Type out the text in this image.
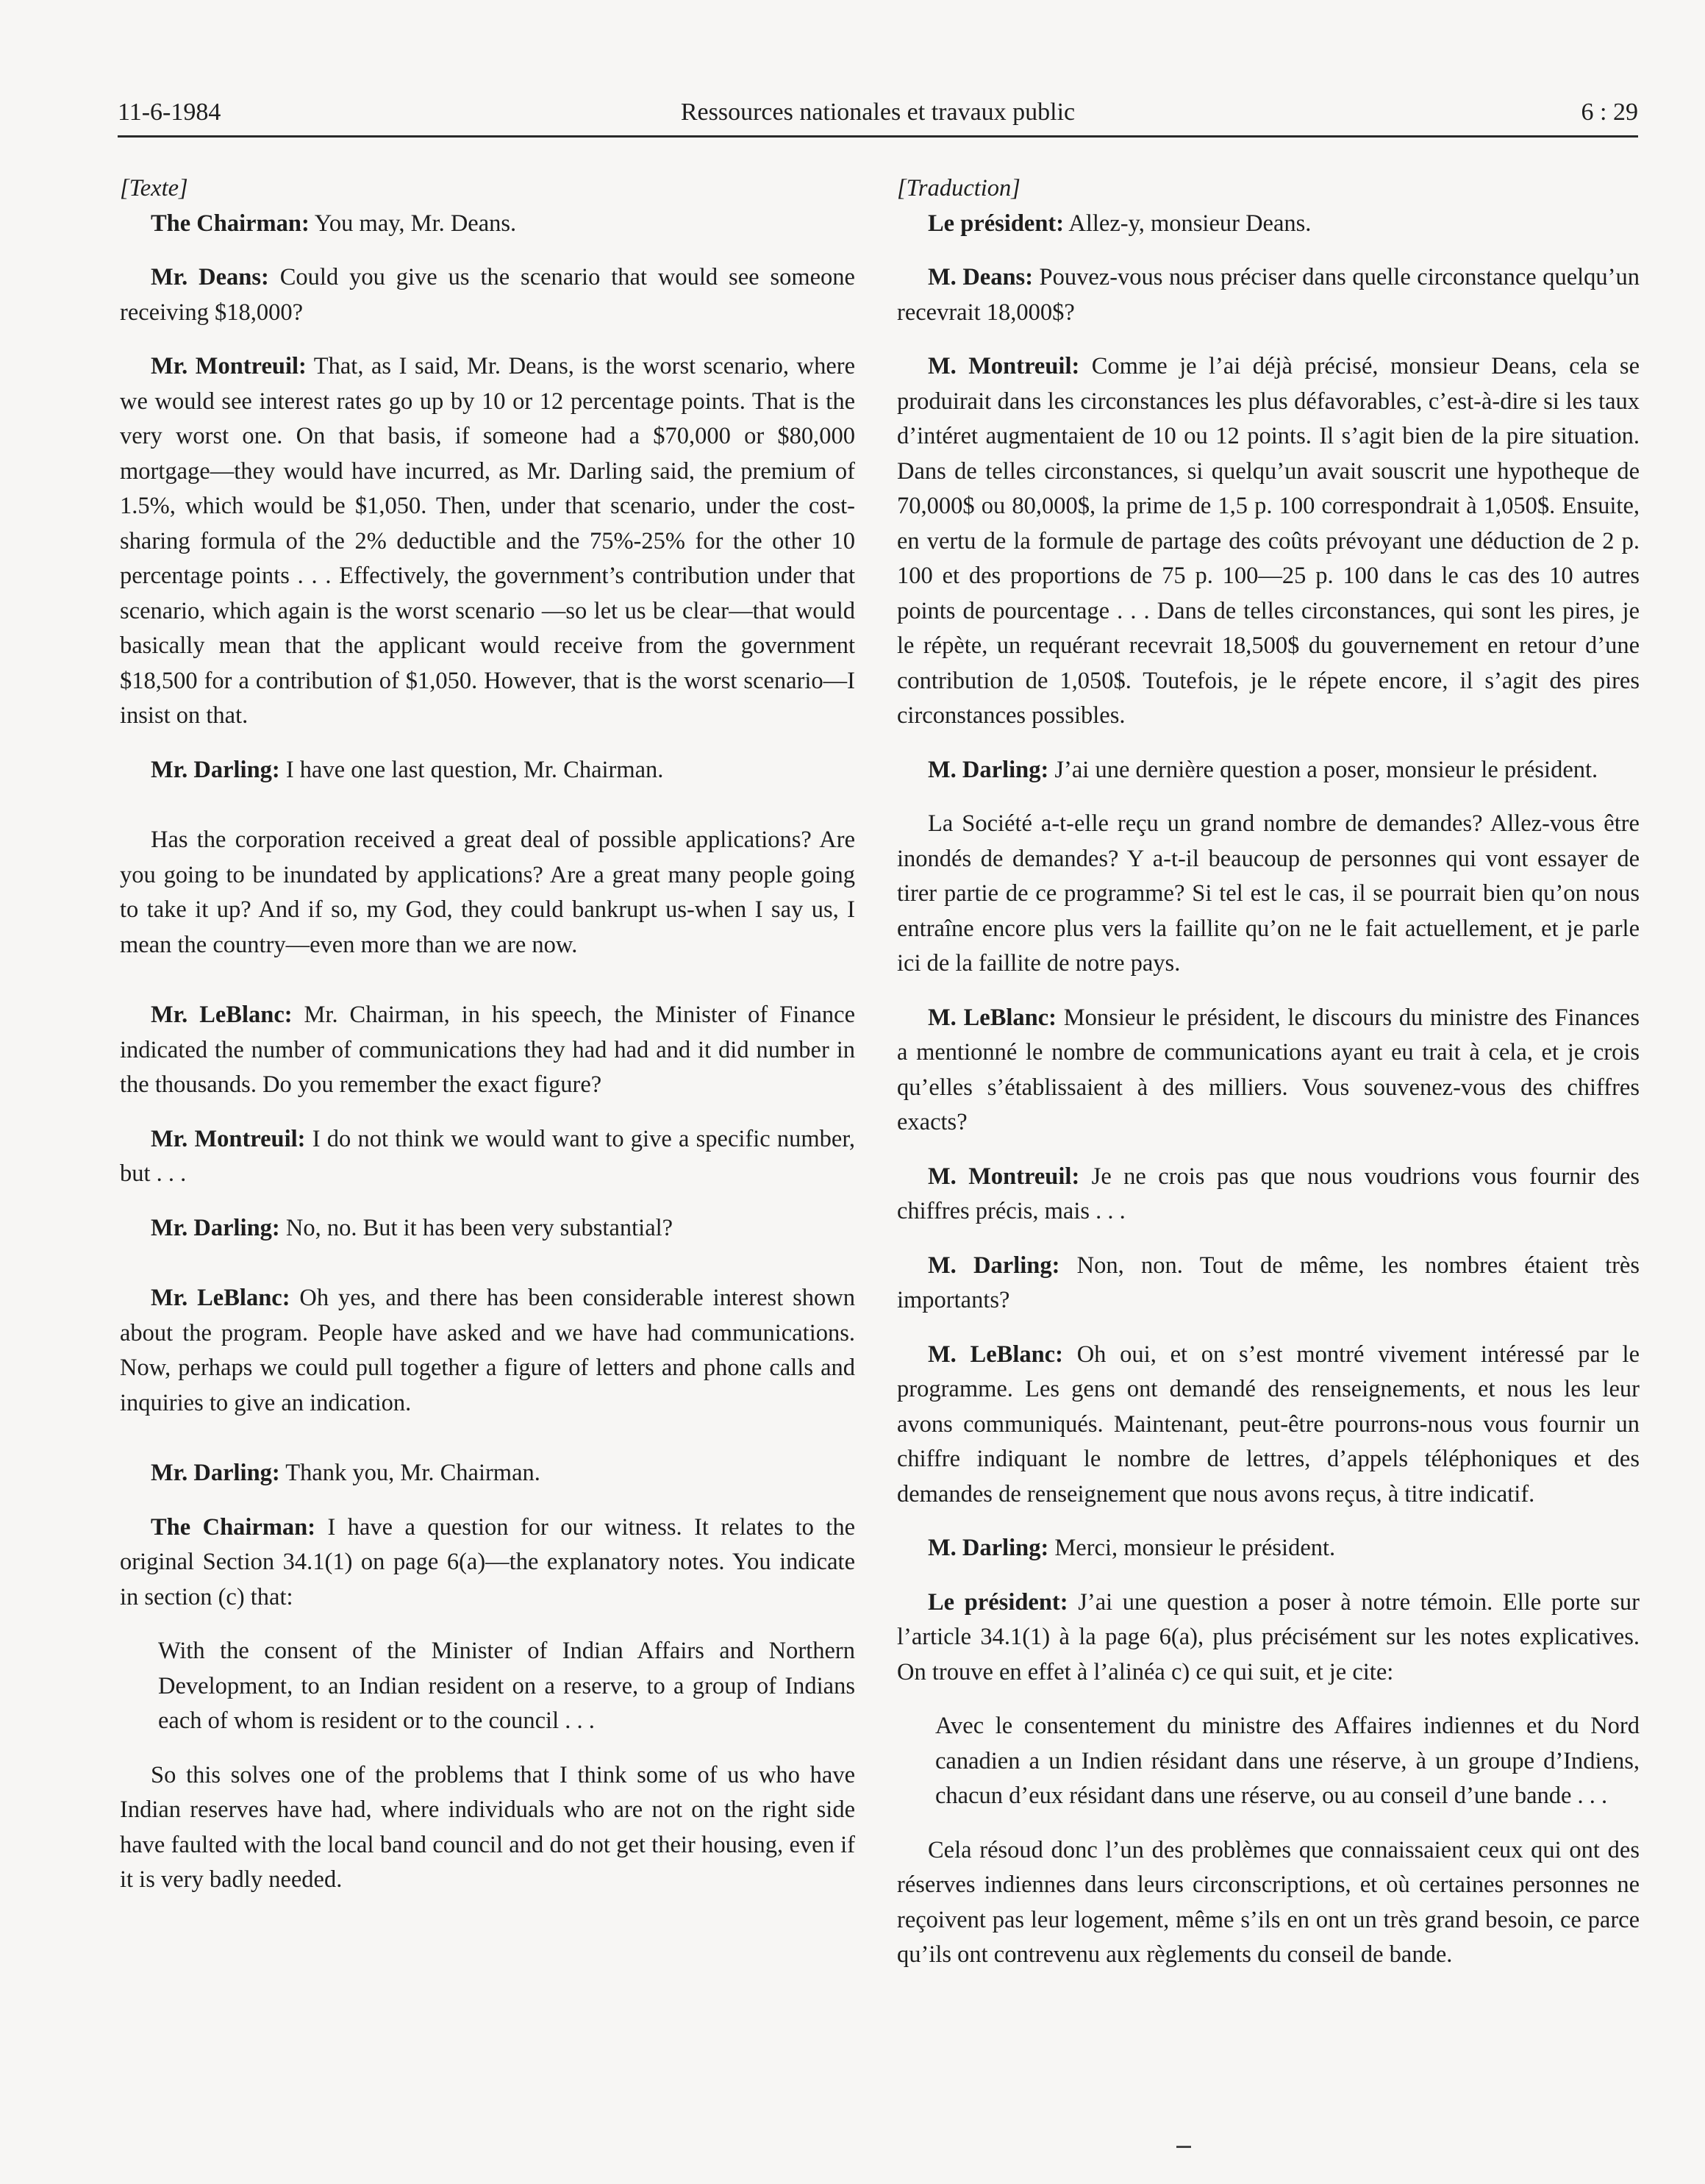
11-6-1984	Ressources nationales et travaux public	6 : 29

[Texte]

The Chairman: You may, Mr. Deans.

Mr. Deans: Could you give us the scenario that would see someone receiving $18,000?

Mr. Montreuil: That, as I said, Mr. Deans, is the worst scenario, where we would see interest rates go up by 10 or 12 percentage points. That is the very worst one. On that basis, if someone had a $70,000 or $80,000 mortgage—they would have incurred, as Mr. Darling said, the premium of 1.5%, which would be $1,050. Then, under that scenario, under the cost-sharing formula of the 2% deductible and the 75%-25% for the other 10 percentage points . . . Effectively, the government’s contribution under that scenario, which again is the worst scenario —so let us be clear—that would basically mean that the applicant would receive from the government $18,500 for a contribution of $1,050. However, that is the worst scenario—I insist on that.

Mr. Darling: I have one last question, Mr. Chairman.

Has the corporation received a great deal of possible applications? Are you going to be inundated by applications? Are a great many people going to take it up? And if so, my God, they could bankrupt us-when I say us, I mean the country—even more than we are now.

Mr. LeBlanc: Mr. Chairman, in his speech, the Minister of Finance indicated the number of communications they had had and it did number in the thousands. Do you remember the exact figure?

Mr. Montreuil: I do not think we would want to give a specific number, but . . .

Mr. Darling: No, no. But it has been very substantial?

Mr. LeBlanc: Oh yes, and there has been considerable interest shown about the program. People have asked and we have had communications. Now, perhaps we could pull together a figure of letters and phone calls and inquiries to give an indication.

Mr. Darling: Thank you, Mr. Chairman.

The Chairman: I have a question for our witness. It relates to the original Section 34.1(1) on page 6(a)—the explanatory notes. You indicate in section (c) that:

With the consent of the Minister of Indian Affairs and Northern Development, to an Indian resident on a reserve, to a group of Indians each of whom is resident or to the council . . .

So this solves one of the problems that I think some of us who have Indian reserves have had, where individuals who are not on the right side have faulted with the local band council and do not get their housing, even if it is very badly needed.

[Traduction]

Le président: Allez-y, monsieur Deans.

M. Deans: Pouvez-vous nous préciser dans quelle circonstance quelqu’un recevrait 18,000$?

M. Montreuil: Comme je l’ai déjà précisé, monsieur Deans, cela se produirait dans les circonstances les plus défavorables, c’est-à-dire si les taux d’intéret augmentaient de 10 ou 12 points. Il s’agit bien de la pire situation. Dans de telles circonstances, si quelqu’un avait souscrit une hypotheque de 70,000$ ou 80,000$, la prime de 1,5 p. 100 correspondrait à 1,050$. Ensuite, en vertu de la formule de partage des coûts prévoyant une déduction de 2 p. 100 et des proportions de 75 p. 100—25 p. 100 dans le cas des 10 autres points de pourcentage . . . Dans de telles circonstances, qui sont les pires, je le répète, un requérant recevrait 18,500$ du gouvernement en retour d’une contribution de 1,050$. Toutefois, je le répete encore, il s’agit des pires circonstances possibles.

M. Darling: J’ai une dernière question a poser, monsieur le président.

La Société a-t-elle reçu un grand nombre de demandes? Allez-vous être inondés de demandes? Y a-t-il beaucoup de personnes qui vont essayer de tirer partie de ce programme? Si tel est le cas, il se pourrait bien qu’on nous entraîne encore plus vers la faillite qu’on ne le fait actuellement, et je parle ici de la faillite de notre pays.

M. LeBlanc: Monsieur le président, le discours du ministre des Finances a mentionné le nombre de communications ayant eu trait à cela, et je crois qu’elles s’établissaient à des milliers. Vous souvenez-vous des chiffres exacts?

M. Montreuil: Je ne crois pas que nous voudrions vous fournir des chiffres précis, mais . . .

M. Darling: Non, non. Tout de même, les nombres étaient très importants?

M. LeBlanc: Oh oui, et on s’est montré vivement intéressé par le programme. Les gens ont demandé des renseignements, et nous les leur avons communiqués. Maintenant, peut-être pourrons-nous vous fournir un chiffre indiquant le nombre de lettres, d’appels téléphoniques et des demandes de renseignement que nous avons reçus, à titre indicatif.

M. Darling: Merci, monsieur le président.

Le président: J’ai une question a poser à notre témoin. Elle porte sur l’article 34.1(1) à la page 6(a), plus précisément sur les notes explicatives. On trouve en effet à l’alinéa c) ce qui suit, et je cite:

Avec le consentement du ministre des Affaires indiennes et du Nord canadien a un Indien résidant dans une réserve, à un groupe d’Indiens, chacun d’eux résidant dans une réserve, ou au conseil d’une bande . . .

Cela résoud donc l’un des problèmes que connaissaient ceux qui ont des réserves indiennes dans leurs circonscriptions, et où certaines personnes ne reçoivent pas leur logement, même s’ils en ont un très grand besoin, ce parce qu’ils ont contrevenu aux règlements du conseil de bande.
